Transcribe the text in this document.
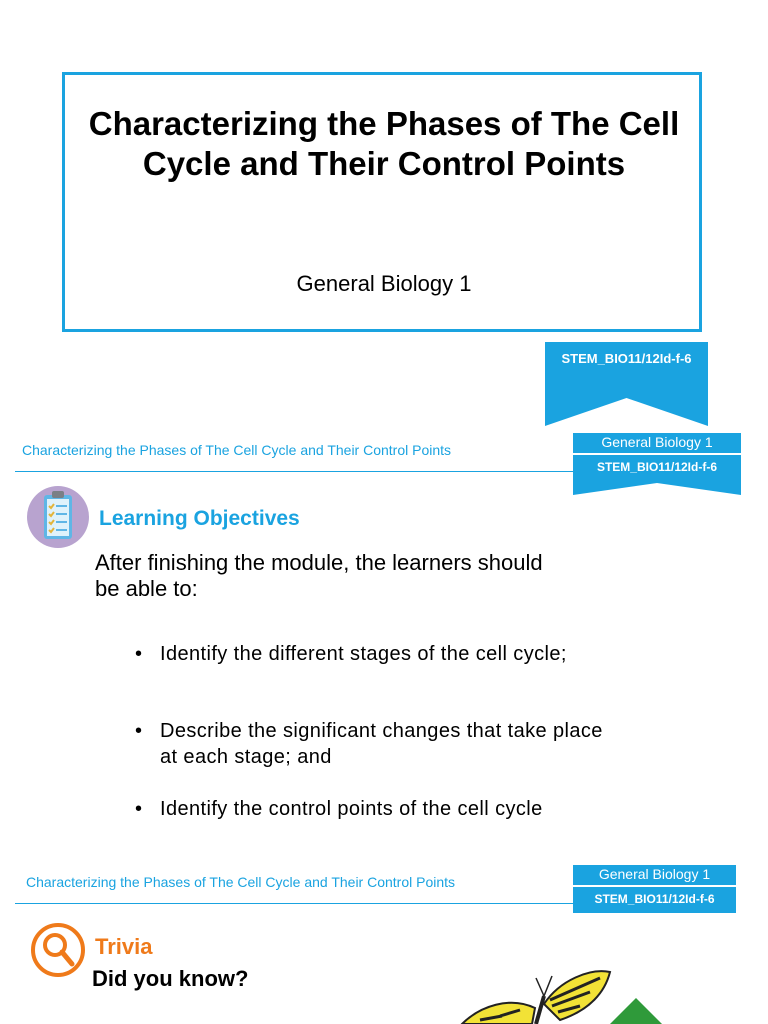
Characterizing the Phases of The Cell Cycle and Their Control Points
General Biology 1
STEM_BIO11/12Id-f-6
Characterizing the Phases of The Cell Cycle and Their Control Points	General Biology 1
STEM_BIO11/12Id-f-6
Learning Objectives
After finishing the module, the learners should be able to:
• Identify the different stages of the cell cycle;
• Describe the significant changes that take place at each stage; and
• Identify the control points of the cell cycle
Characterizing the Phases of The Cell Cycle and Their Control Points	General Biology 1
STEM_BIO11/12Id-f-6
Trivia
Did you know?
